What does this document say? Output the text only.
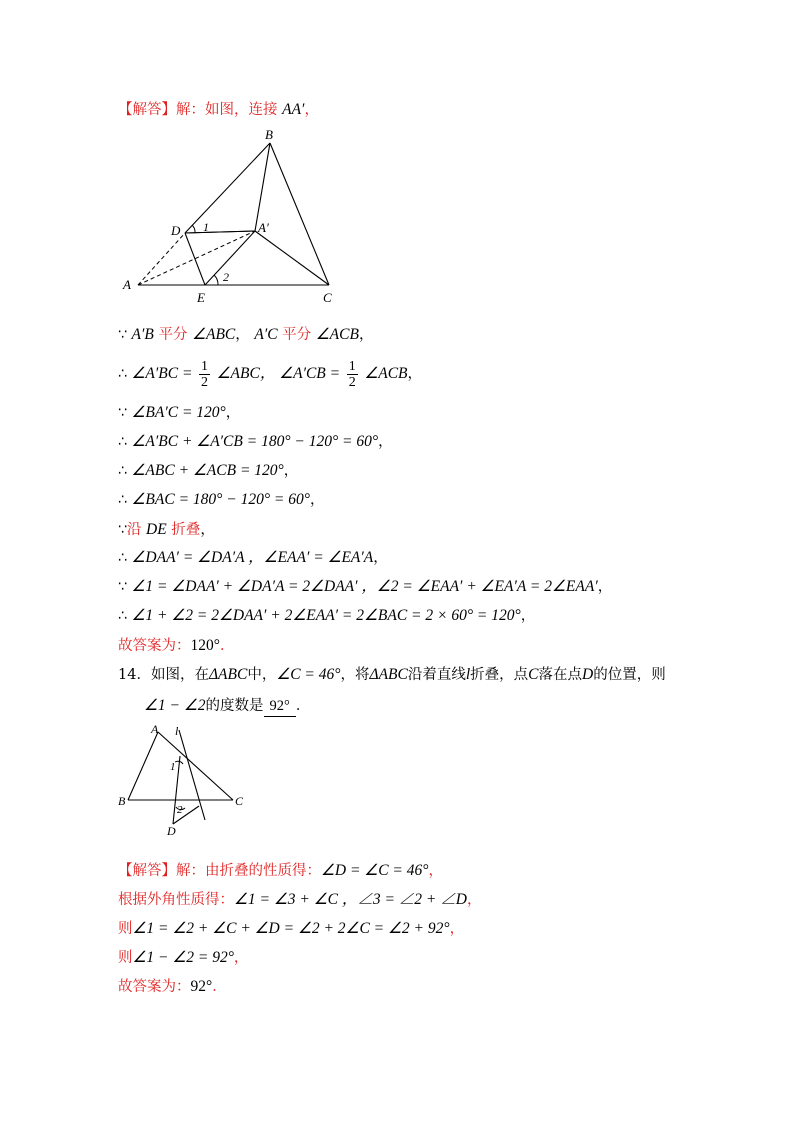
【解答】解：如图，连接 AA′，
B
D 1	A′
2
A
E	C
∵ A′B 平分 ∠ABC， A′C 平分 ∠ACB，
∴ ∠A′BC = $\frac{1}{2}$ ∠ABC， ∠A′CB = $\frac{1}{2}$ ∠ACB，
∵ ∠BA′C = 120°，
∴ ∠A′BC + ∠A′CB = 180° − 120° = 60°，
∴ ∠ABC + ∠ACB = 120°，
∴ ∠BAC = 180° − 120° = 60°，
∵沿 DE 折叠，
∴ ∠DAA′ = ∠DA′A ，∠EAA′ = ∠EA′A，
∵ ∠1 = ∠DAA′ + ∠DA′A = 2∠DAA′ ，∠2 = ∠EAA′ + ∠EA′A = 2∠EAA′，
∴ ∠1 + ∠2 = 2∠DAA′ + 2∠EAA′ = 2∠BAC = 2 × 60° = 120°，
故答案为：120°．
14．如图，在ΔABC中，∠C = 46°，将ΔABC沿着直线l折叠，点C落在点D的位置，则
∠1 − ∠2的度数是 92° ．
A l
1
B
2
C
D
【解答】解：由折叠的性质得：∠D = ∠C = 46°，
根据外角性质得：∠1 = ∠3 + ∠C ，∠3 = ∠2 + ∠D，
则∠1 = ∠2 + ∠C + ∠D = ∠2 + 2∠C = ∠2 + 92°，
则∠1 − ∠2 = 92°，
故答案为：92°．
